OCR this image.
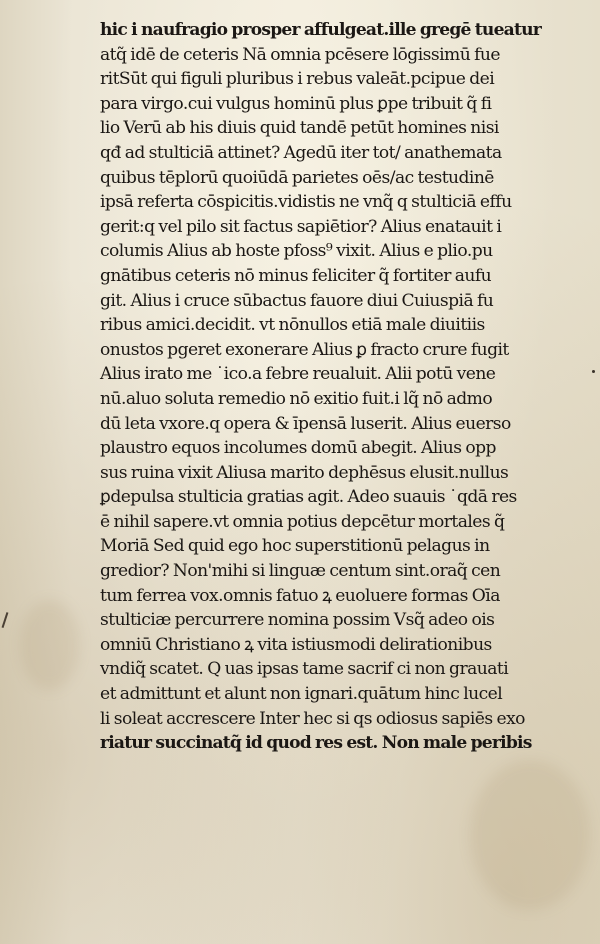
hic i naufragio prosper affulgeat.ille gregē tueatur
atq̃ idē de ceteris Nā omnia pcēsere lōgissimū fue
ritSūt qui figuli pluribus i rebus valeāt.pcipue dei
para virgo.cui vulgus hominū plus ꝑpe tribuit q̃ fi
lio Verū ab his diuis quid tandē petūt homines nisi
qđ ad stulticiā attinet? Agedū iter tot/ anathemata
quibus tēplorū quoiūdā parietes oēs/ac testudinē
ipsā referta cōspicitis.vidistis ne vnq̃ q stulticiā effu
gerit:q vel pilo sit factus sapiētior? Alius enatauit i
columis Alius ab hoste pfoss⁹ vixit. Alius e plio.pu
gnātibus ceteris nō minus feliciter q̃ fortiter aufu
git. Alius i cruce sūbactus fauore diui Cuiuspiā fu
ribus amici.decidit. vt nōnullos etiā male diuitiis
onustos pgeret exonerare Alius ꝑ fracto crure fugit
Alius irato me ˙ico.a febre reualuit. Alii potū vene
nū.aluo soluta remedio nō exitio fuit.i lq̃ nō admo
dū leta vxore.q opera & īpensā luserit. Alius euerso
plaustro equos incolumes domū abegit. Alius opp
sus ruina vixit Aliusa marito dephēsus elusit.nullus
ꝑdepulsa stulticia gratias agit. Adeo suauis ˙qdā res
ē nihil sapere.vt omnia potius depcētur mortales q̃
Moriā Sed quid ego hoc superstitionū pelagus in
gredior? Non'mihi si linguæ centum sint.oraq̃ cen
tum ferrea vox.omnis fatuo ꝝ euoluere formas Oīa
stulticiæ percurrere nomina possim Vsq̃ adeo ois
omniū Christiano ꝝ vita istiusmodi delirationibus
vndiq̃ scatet. Q uas ipsas tame sacrif ci non grauati
et admittunt et alunt non ignari.quātum hinc lucel
li soleat accrescere Inter hec si qs odiosus sapiēs exo
riatur succinatq̃ id quod res est. Non male peribis
